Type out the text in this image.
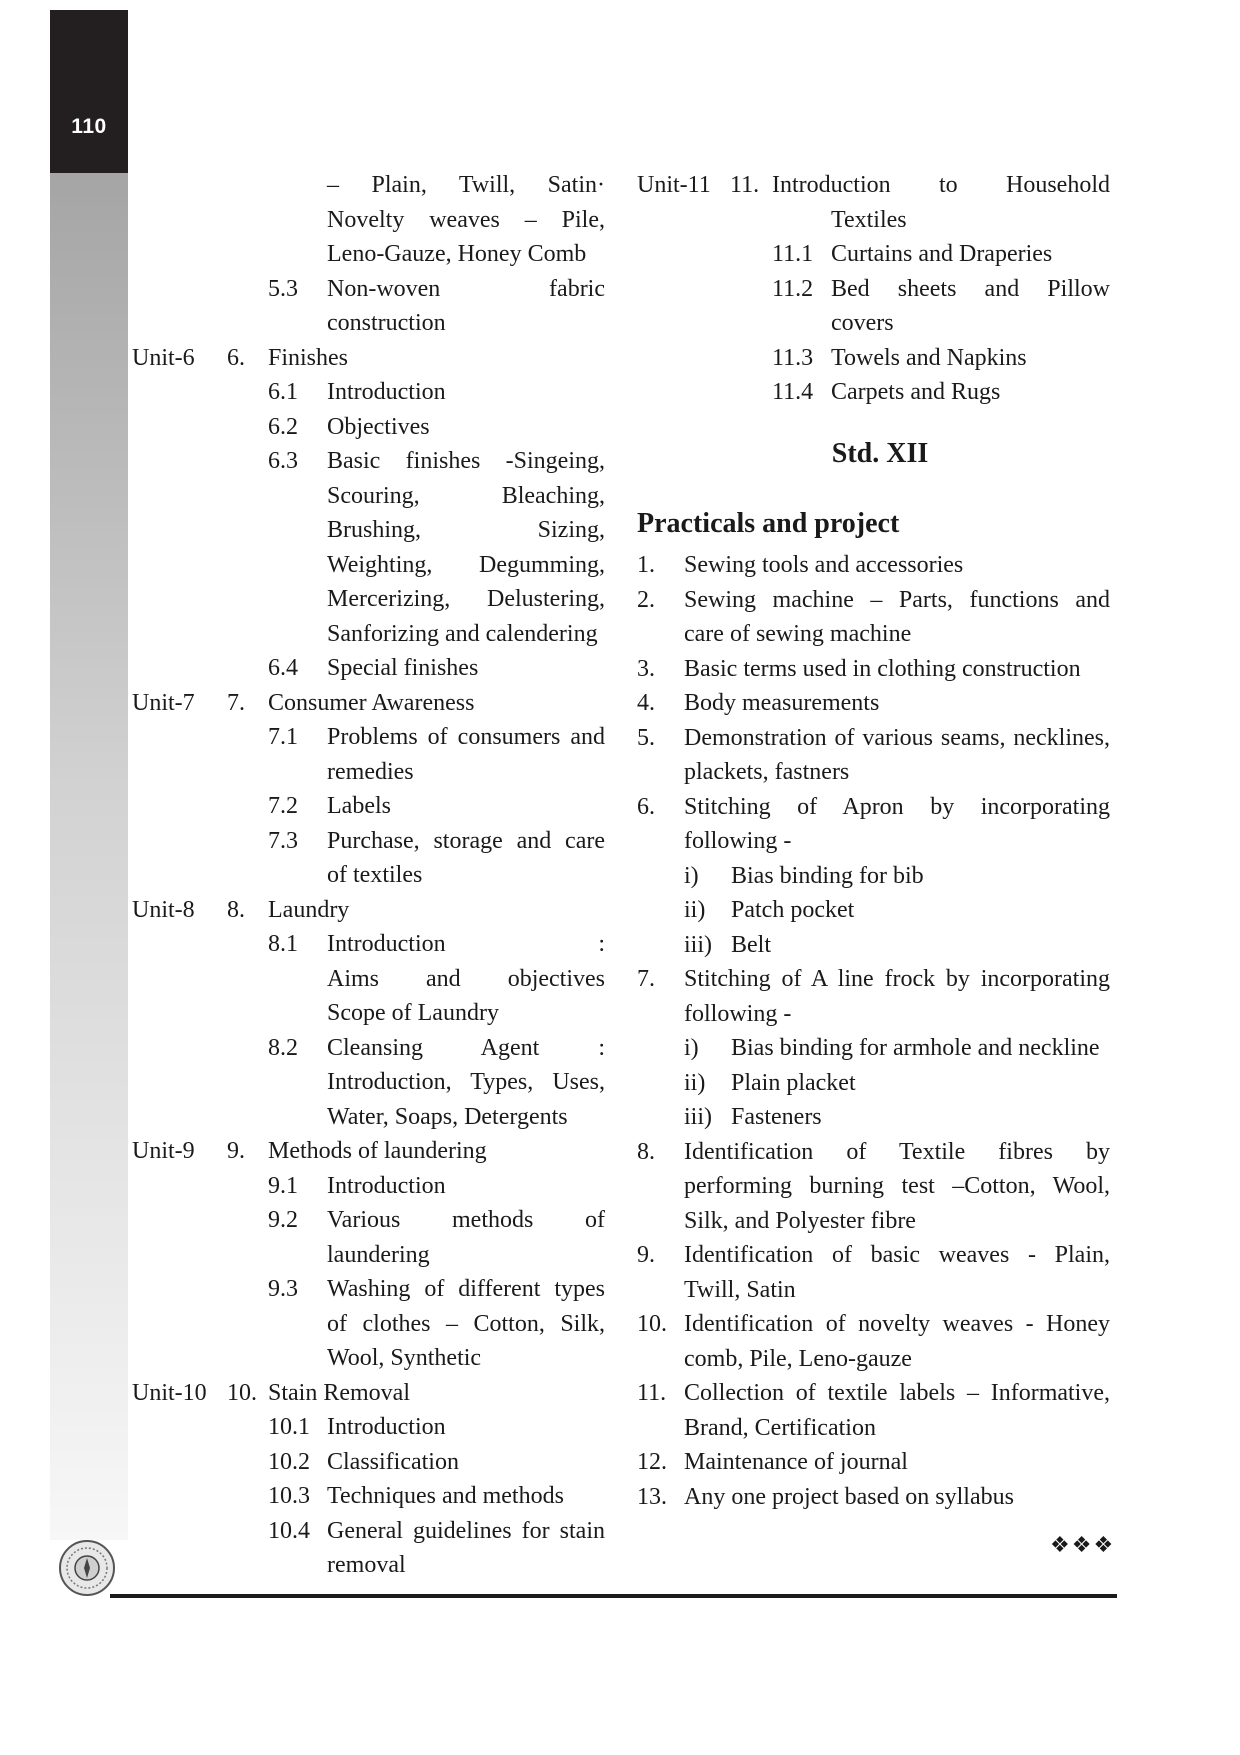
110
– Plain, Twill, Satin·
Novelty weaves – Pile,
Leno-Gauze, Honey Comb
5.3 Non-woven fabric
construction
Unit-6 6. Finishes
6.1 Introduction
6.2 Objectives
6.3 Basic finishes -Singeing,
Scouring, Bleaching,
Brushing, Sizing,
Weighting, Degumming,
Mercerizing, Delustering,
Sanforizing and calendering
6.4 Special finishes
Unit-7 7. Consumer Awareness
7.1 Problems of consumers and
remedies
7.2 Labels
7.3 Purchase, storage and care
of textiles
Unit-8 8. Laundry
8.1 Introduction :
Aims and objectives
Scope of Laundry
8.2 Cleansing Agent :
Introduction, Types, Uses,
Water, Soaps, Detergents
Unit-9 9. Methods of laundering
9.1 Introduction
9.2 Various methods of
laundering
9.3 Washing of different types
of clothes – Cotton, Silk,
Wool, Synthetic
Unit-10 10. Stain Removal
10.1 Introduction
10.2 Classification
10.3 Techniques and methods
10.4 General guidelines for stain
removal
Unit-11 11. Introduction to Household
Textiles
11.1 Curtains and Draperies
11.2 Bed sheets and Pillow
covers
11.3 Towels and Napkins
11.4 Carpets and Rugs
Std. XII
Practicals and project
1. Sewing tools and accessories
2. Sewing machine – Parts, functions and
care of sewing machine
3. Basic terms used in clothing construction
4. Body measurements
5. Demonstration of various seams, necklines,
plackets, fastners
6. Stitching of Apron by incorporating
following -
i) Bias binding for bib
ii) Patch pocket
iii) Belt
7. Stitching of A line frock by incorporating
following -
i) Bias binding for armhole and neckline
ii) Plain placket
iii) Fasteners
8. Identification of Textile fibres by
performing burning test –Cotton, Wool,
Silk, and Polyester fibre
9. Identification of basic weaves - Plain,
Twill, Satin
10. Identification of novelty weaves - Honey
comb, Pile, Leno-gauze
11. Collection of textile labels – Informative,
Brand, Certification
12. Maintenance of journal
13. Any one project based on syllabus
❖❖❖
